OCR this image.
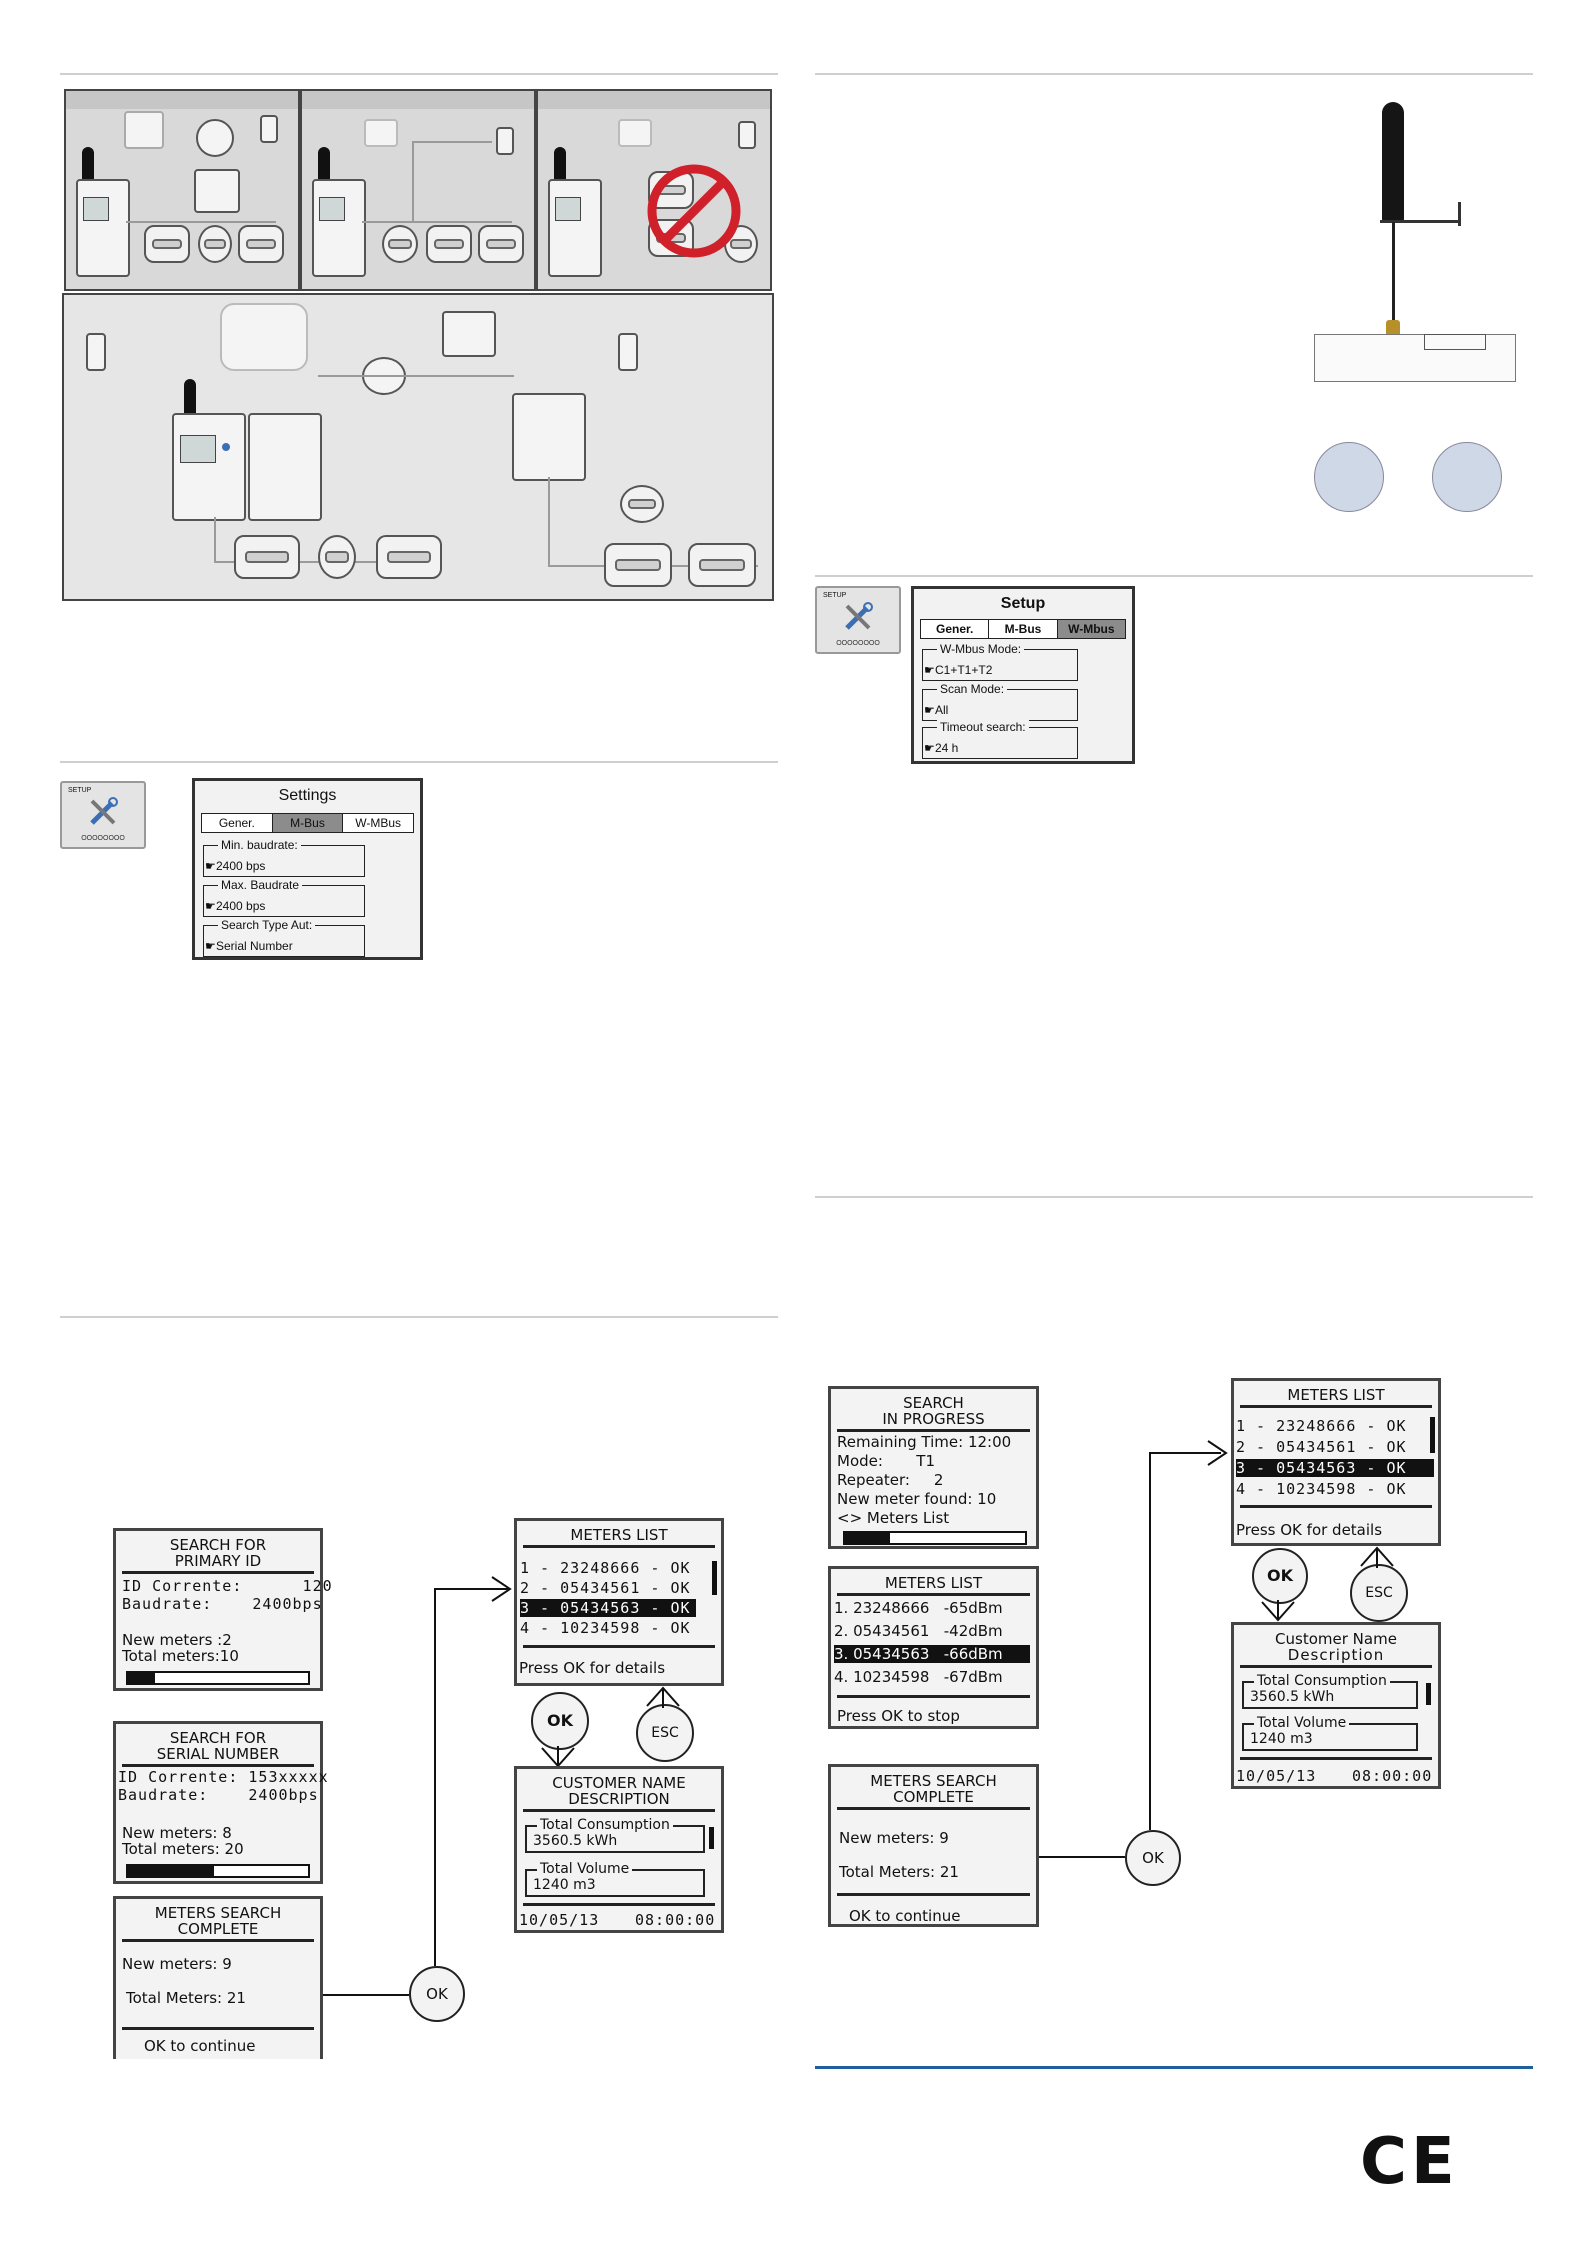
SETUP
OOOOOOOO
Settings
Gener.	M-Bus	W-MBus
Min. baudrate:
☛ 2400 bps
Max. Baudrate
☛ 2400 bps
Search Type Aut:
☛ Serial Number
SETUP
OOOOOOOO
Setup
Gener.	M-Bus	W-Mbus
W-Mbus Mode:
☛ C1+T1+T2
Scan Mode:
☛ All
Timeout search:
☛ 24 h
SEARCH FOR
PRIMARY ID
ID Corrente:      120
Baudrate:    2400bps
New meters :2
Total meters:10
SEARCH FOR
SERIAL NUMBER
ID Corrente: 153xxxxx
Baudrate:    2400bps
New meters: 8
Total meters: 20
METERS SEARCH
COMPLETE
New meters: 9
Total Meters: 21
OK to continue
OK
METERS LIST
1 - 23248666 - OK
2 - 05434561 - OK
3 - 05434563 - OK
4 - 10234598 - OK
Press OK for details
OK
ESC
CUSTOMER NAME
DESCRIPTION
Total Consumption
3560.5 kWh
Total Volume
1240 m3
10/05/13 08:00:00
SEARCH
IN PROGRESS
Remaining Time: 12:00
Mode:       T1
Repeater:     2
New meter found: 10
<> Meters List
METERS LIST
1. 23248666   -65dBm
2. 05434561   -42dBm
3. 05434563   -66dBm
4. 10234598   -67dBm
Press OK to stop
METERS SEARCH
COMPLETE
New meters: 9
Total Meters: 21
OK to continue
OK
METERS LIST
1 - 23248666 - OK
2 - 05434561 - OK
3 - 05434563 - OK
4 - 10234598 - OK
Press OK for details
OK
ESC
Customer Name
Description
Total Consumption
3560.5 kWh
Total Volume
1240 m3
10/05/13 08:00:00
CE
